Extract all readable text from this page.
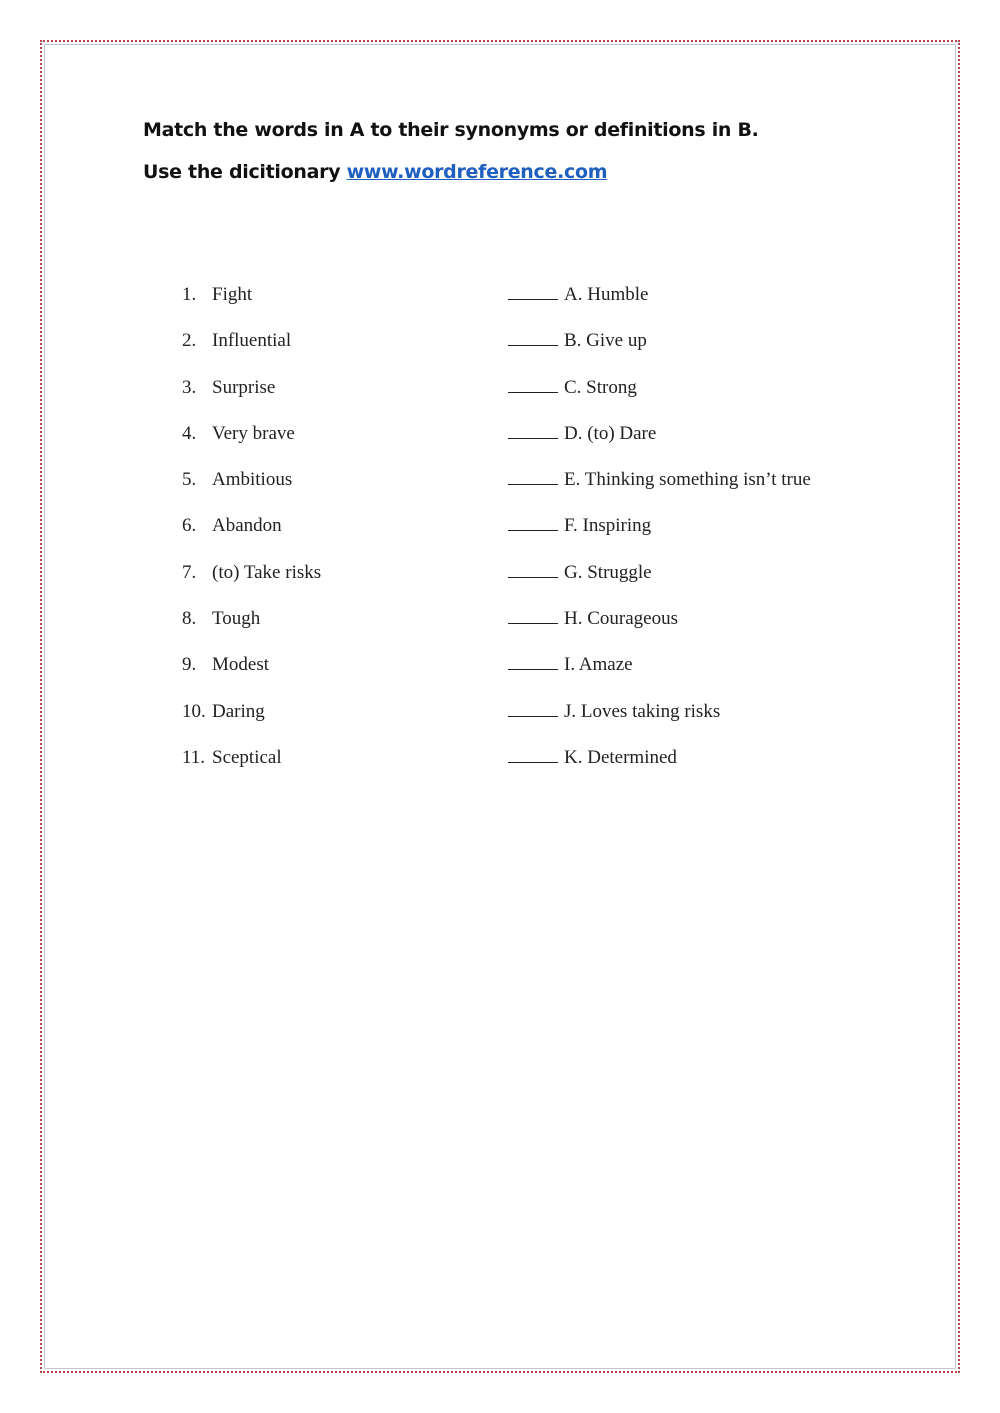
Match the words in A to their synonyms or definitions in B.
Use the dicitionary www.wordreference.com
1. Fight
2. Influential
3. Surprise
4. Very brave
5. Ambitious
6. Abandon
7. (to) Take risks
8. Tough
9. Modest
10. Daring
11. Sceptical
A. Humble
B. Give up
C. Strong
D. (to) Dare
E. Thinking something isn’t true
F. Inspiring
G. Struggle
H. Courageous
I. Amaze
J. Loves taking risks
K. Determined
